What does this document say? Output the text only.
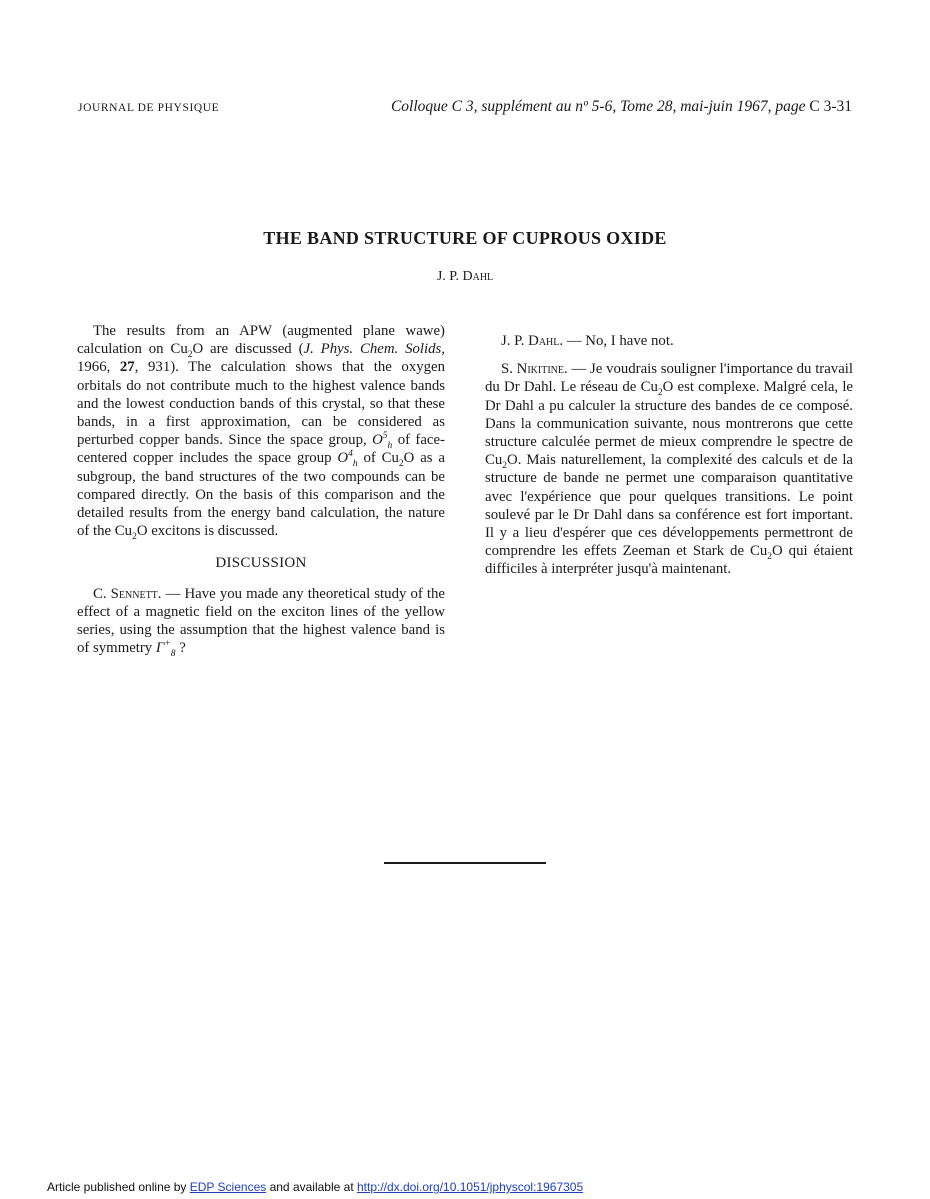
JOURNAL DE PHYSIQUE	Colloque C 3, supplément au nº 5-6, Tome 28, mai-juin 1967, page C 3-31
THE BAND STRUCTURE OF CUPROUS OXIDE

J. P. Dahl

The results from an APW (augmented plane wawe) calculation on $Cu_2O$ are discussed (J. Phys. Chem. Solids, 1966, 27, 931). The calculation shows that the oxygen orbitals do not contribute much to the highest valence bands and the lowest conduction bands of this crystal, so that these bands, in a first approximation, can be considered as perturbed copper bands. Since the space group, $O^5_h$ of face-centered copper includes the space group $O^4_h$ of $Cu_2O$ as a subgroup, the band structures of the two compounds can be compared directly. On the basis of this comparison and the detailed results from the energy band calculation, the nature of the $Cu_2O$ excitons is discussed.

DISCUSSION

C. Sennett. — Have you made any theoretical study of the effect of a magnetic field on the exciton lines of the yellow series, using the assumption that the highest valence band is of symmetry $\Gamma^+_8$ ?

J. P. Dahl. — No, I have not.

S. Nikitine. — Je voudrais souligner l'importance du travail du Dr Dahl. Le réseau de $Cu_2O$ est complexe. Malgré cela, le Dr Dahl a pu calculer la structure des bandes de ce composé. Dans la communication suivante, nous montrerons que cette structure calculée permet de mieux comprendre le spectre de $Cu_2O$. Mais naturellement, la complexité des calculs et de la structure de bande ne permet une comparaison quantitative avec l'expérience que pour quelques transitions. Le point soulevé par le Dr Dahl dans sa conférence est fort important. Il y a lieu d'espérer que ces développements permettront de comprendre les effets Zeeman et Stark de $Cu_2O$ qui étaient difficiles à interpréter jusqu'à maintenant.

Article published online by EDP Sciences and available at http://dx.doi.org/10.1051/jphyscol:1967305
